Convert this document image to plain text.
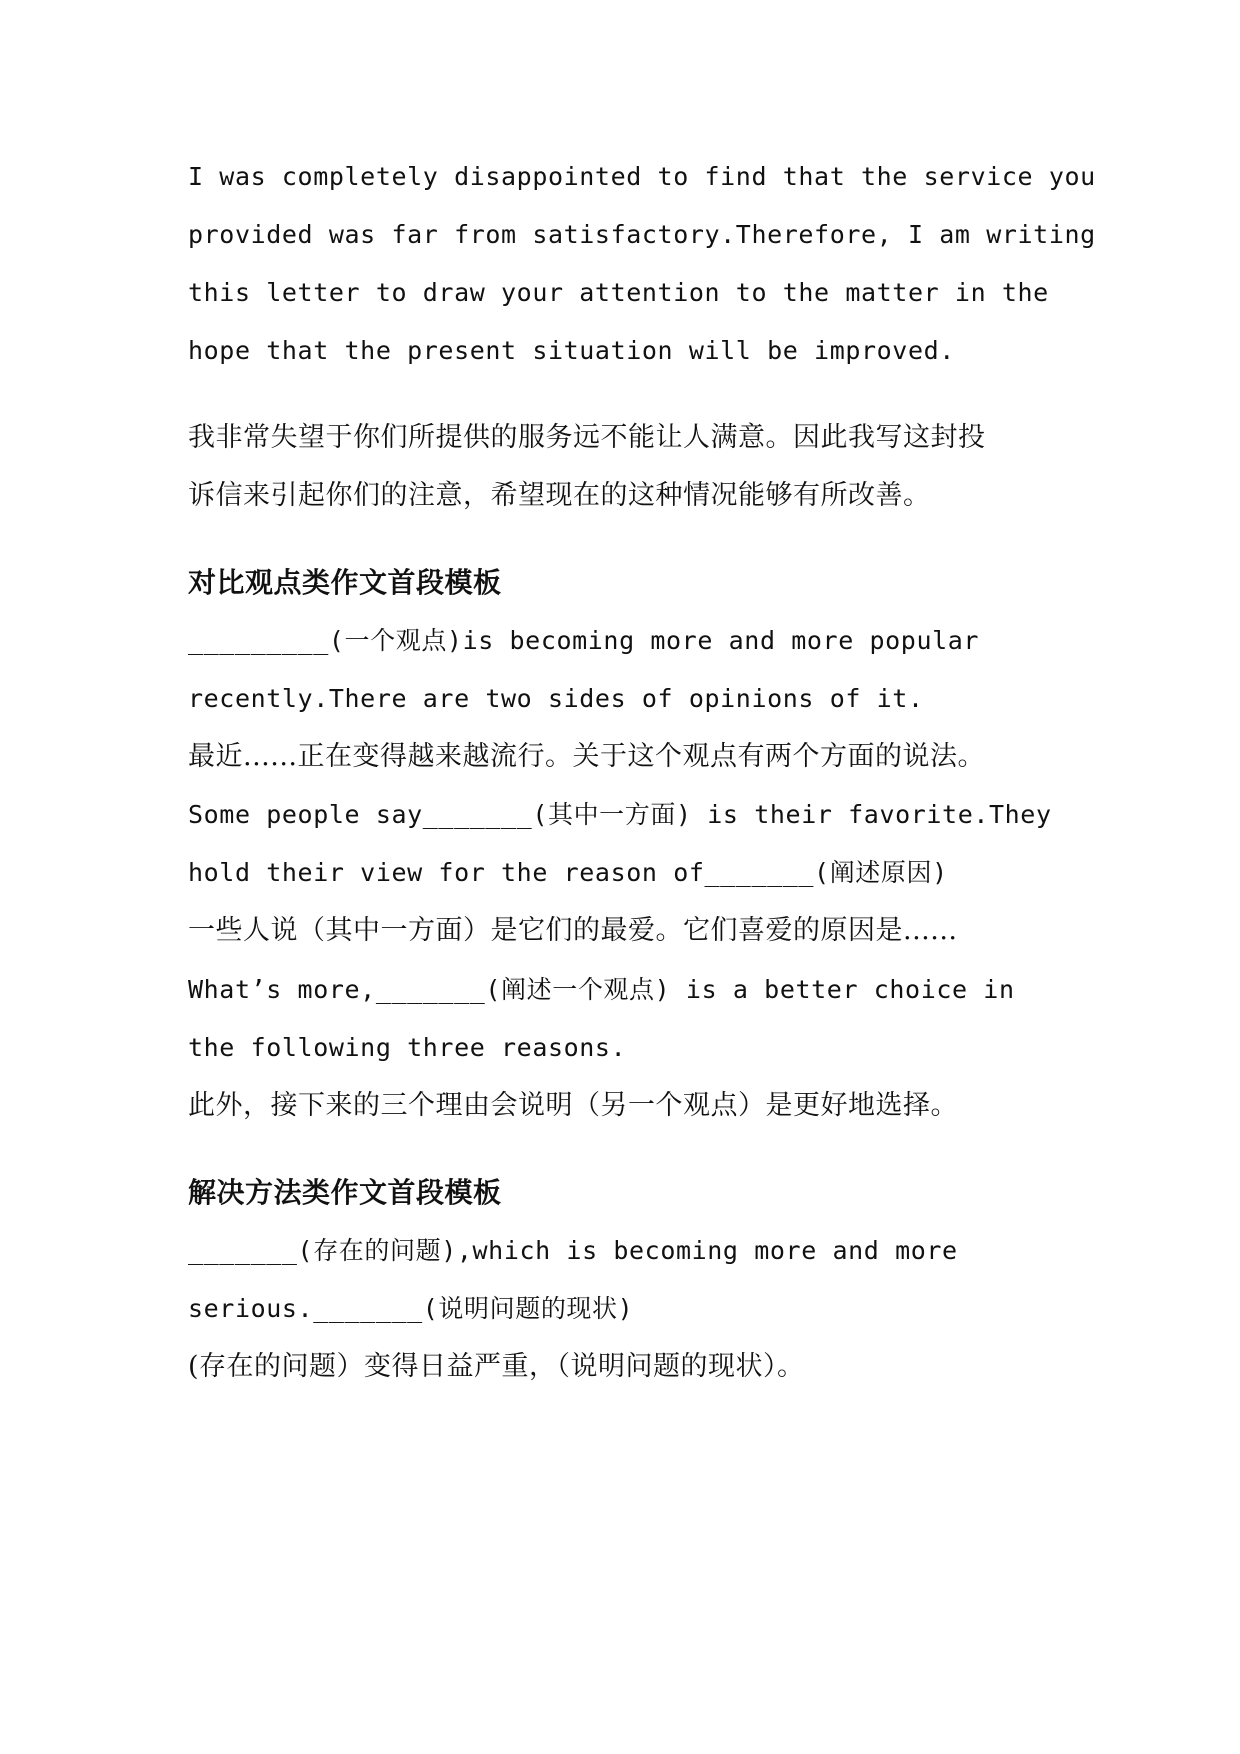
I was completely disappointed to find that the service you
provided was far from satisfactory.Therefore, I am writing
this letter to draw your attention to the matter in the
hope that the present situation will be improved.
我非常失望于你们所提供的服务远不能让人满意。因此我写这封投
诉信来引起你们的注意，希望现在的这种情况能够有所改善。
对比观点类作文首段模板
_________(一个观点)is becoming more and more popular
recently.There are two sides of opinions of it.
最近......正在变得越来越流行。关于这个观点有两个方面的说法。
Some people say_______(其中一方面) is their favorite.They
hold their view for the reason of_______(阐述原因)
一些人说（其中一方面）是它们的最爱。它们喜爱的原因是......
What’s more,_______(阐述一个观点) is a better choice in
the following three reasons.
此外，接下来的三个理由会说明（另一个观点）是更好地选择。
解决方法类作文首段模板
_______(存在的问题),which is becoming more and more
serious._______(说明问题的现状)
(存在的问题）变得日益严重，（说明问题的现状）。
